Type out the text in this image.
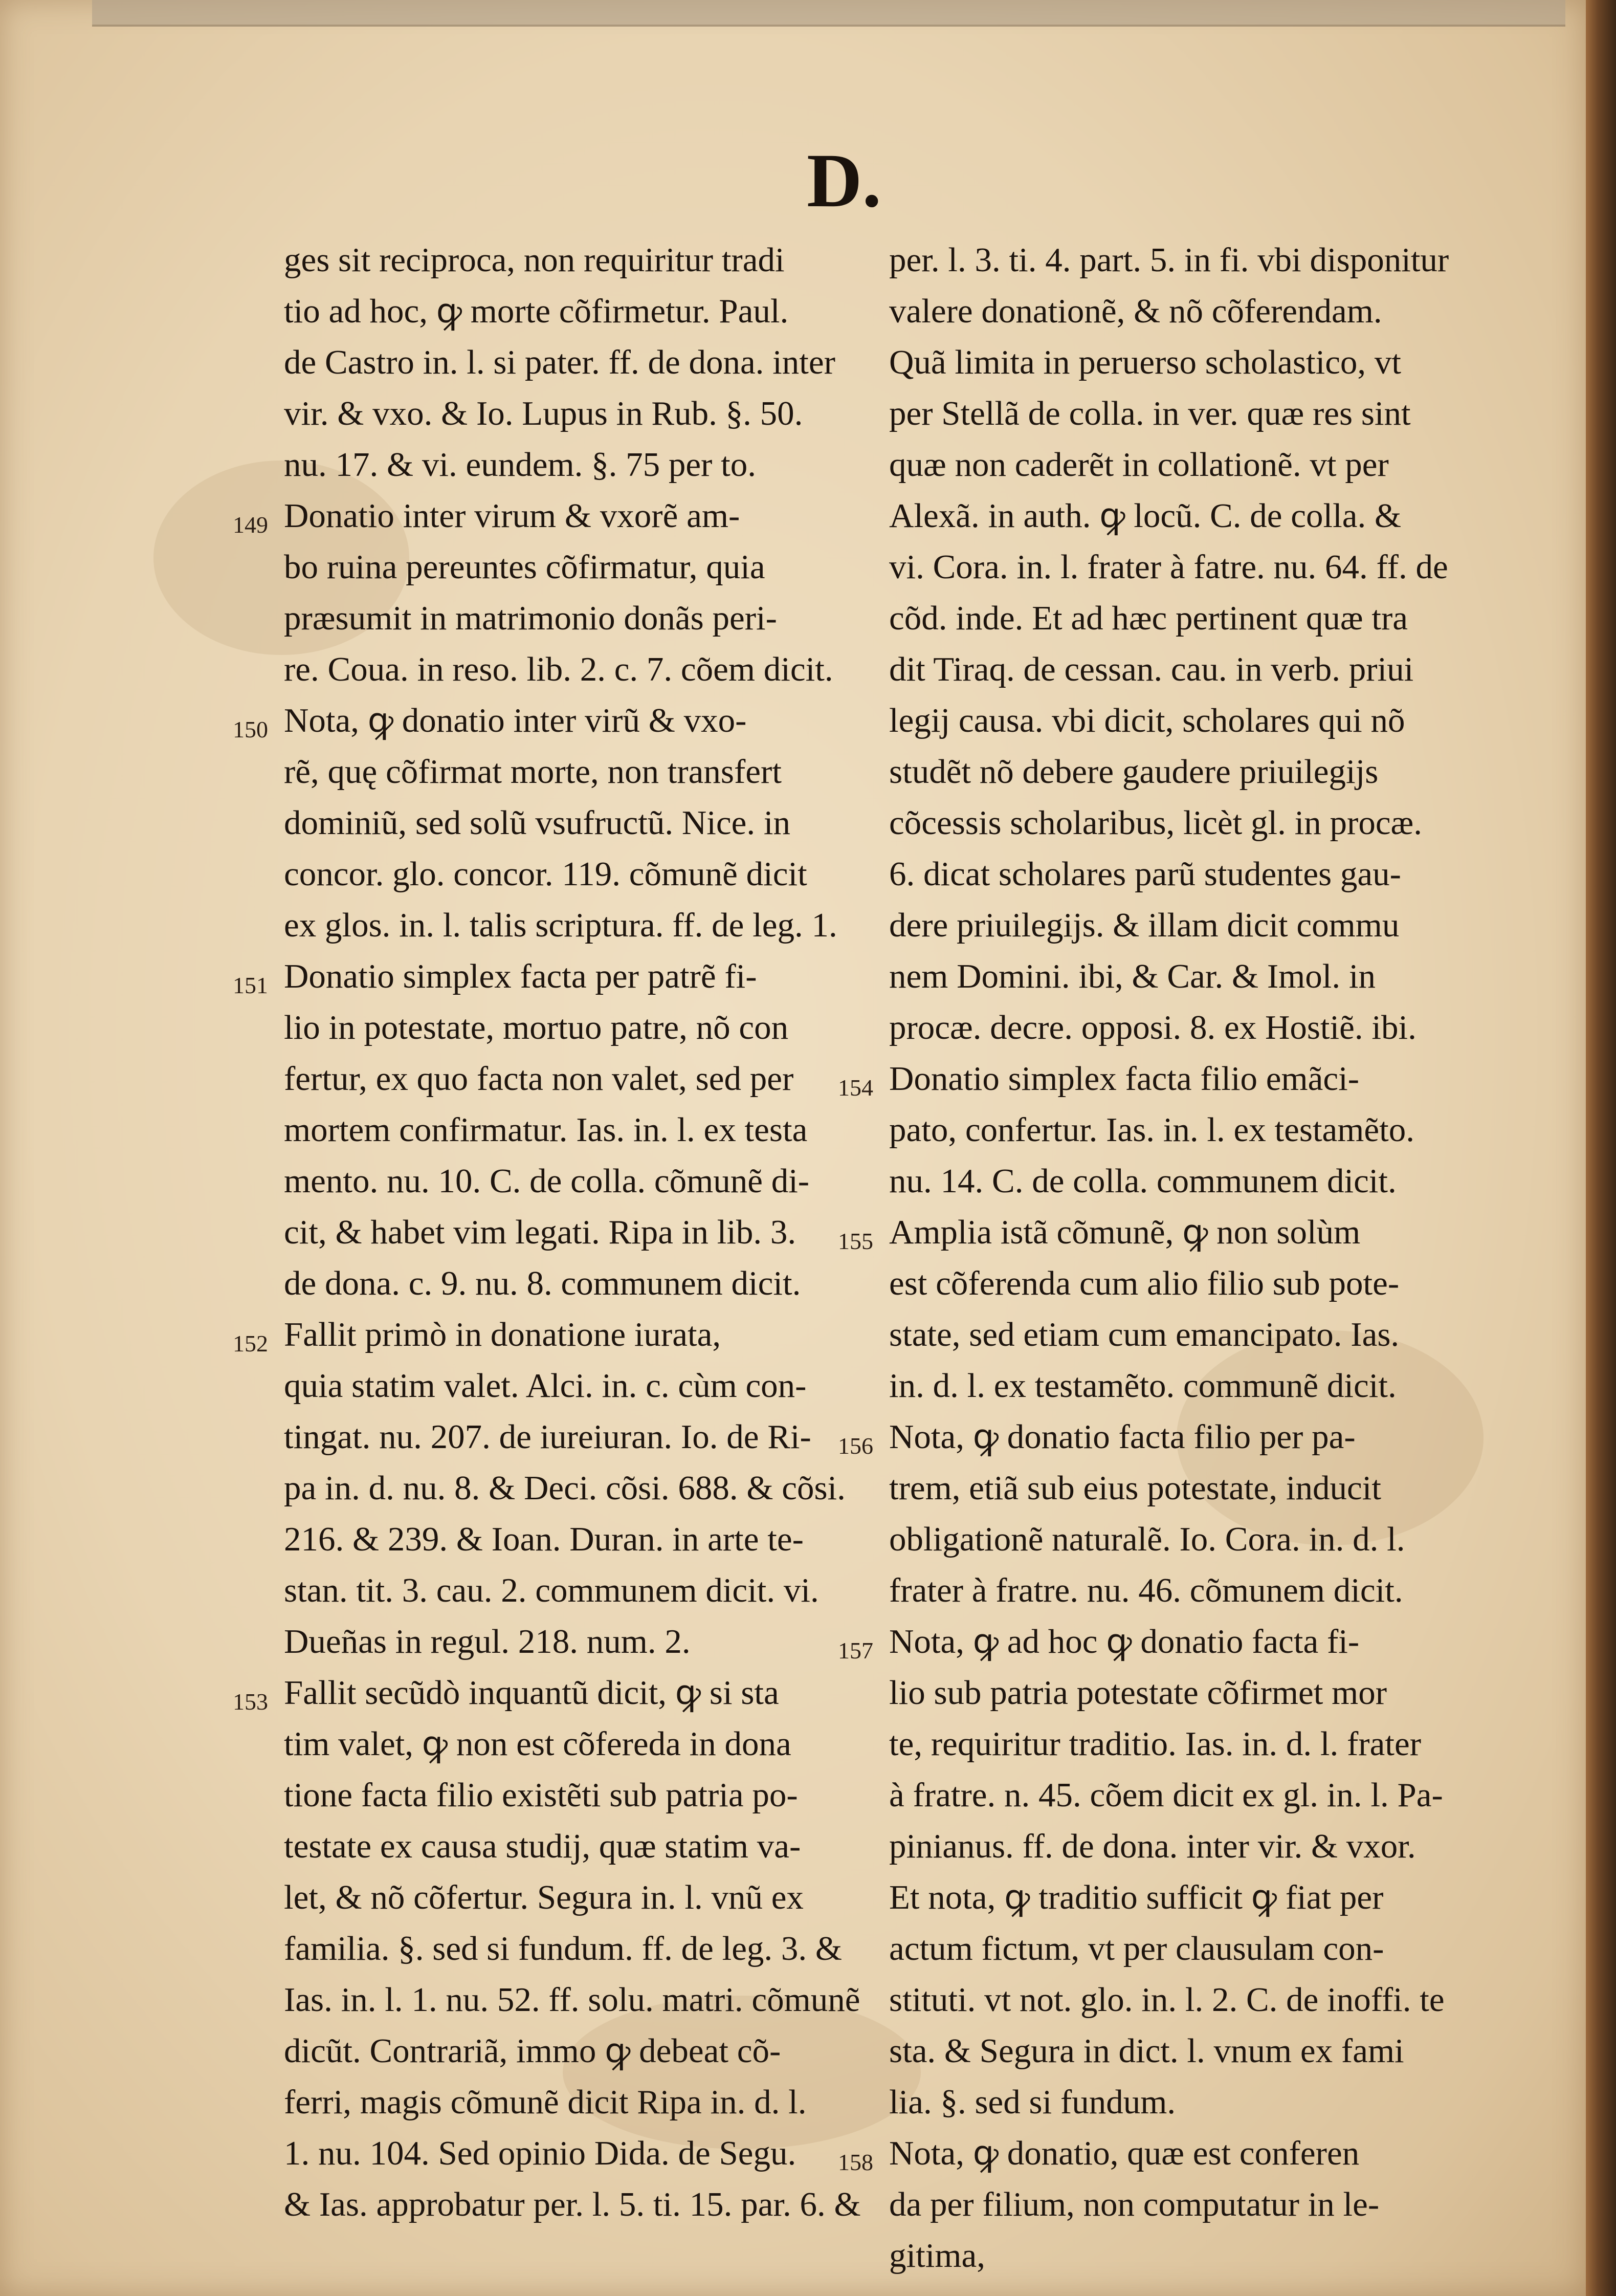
D.
ges sit reciproca, non requiritur tradi
tio ad hoc, ꝙ morte cõfirmetur. Paul.
de Castro in. l. si pater. ff. de dona. inter
vir. & vxo. & Io. Lupus in Rub. §. 50.
nu. 17. & vi. eundem. §. 75 per to.
149 Donatio inter virum & vxorẽ am-
bo ruina pereuntes cõfirmatur, quia
præsumit in matrimonio donãs peri-
re. Coua. in reso. lib. 2. c. 7. cõem dicit.
150 Nota, ꝙ donatio inter virũ & vxo-
rẽ, quę cõfirmat morte, non transfert
dominiũ, sed solũ vsufructũ. Nice. in
concor. glo. concor. 119. cõmunẽ dicit
ex glos. in. l. talis scriptura. ff. de leg. 1.
151 Donatio simplex facta per patrẽ fi-
lio in potestate, mortuo patre, nõ con
fertur, ex quo facta non valet, sed per
mortem confirmatur. Ias. in. l. ex testa
mento. nu. 10. C. de colla. cõmunẽ di-
cit, & habet vim legati. Ripa in lib. 3.
de dona. c. 9. nu. 8. communem dicit.
152 Fallit primò in donatione iurata,
quia statim valet. Alci. in. c. cùm con-
tingat. nu. 207. de iureiuran. Io. de Ri-
pa in. d. nu. 8. & Deci. cõsi. 688. & cõsi.
216. & 239. & Ioan. Duran. in arte te-
stan. tit. 3. cau. 2. communem dicit. vi.
Dueñas in regul. 218. num. 2.
153 Fallit secũdò inquantũ dicit, ꝙ si sta
tim valet, ꝙ non est cõfereda in dona
tione facta filio existẽti sub patria po-
testate ex causa studij, quæ statim va-
let, & nõ cõfertur. Segura in. l. vnũ ex
familia. §. sed si fundum. ff. de leg. 3. &
Ias. in. l. 1. nu. 52. ff. solu. matri. cõmunẽ
dicũt. Contrariã, immo ꝙ debeat cõ-
ferri, magis cõmunẽ dicit Ripa in. d. l.
1. nu. 104. Sed opinio Dida. de Segu.
& Ias. approbatur per. l. 5. ti. 15. par. 6. &
per. l. 3. ti. 4. part. 5. in fi. vbi disponitur
valere donationẽ, & nõ cõferendam.
Quã limita in peruerso scholastico, vt
per Stellã de colla. in ver. quæ res sint
quæ non caderẽt in collationẽ. vt per
Alexã. in auth. ꝙ locũ. C. de colla. &
vi. Cora. in. l. frater à fatre. nu. 64. ff. de
cõd. inde. Et ad hæc pertinent quæ tra
dit Tiraq. de cessan. cau. in verb. priui
legij causa. vbi dicit, scholares qui nõ
studẽt nõ debere gaudere priuilegijs
cõcessis scholaribus, licèt gl. in procæ.
6. dicat scholares parũ studentes gau-
dere priuilegijs. & illam dicit commu
nem Domini. ibi, & Car. & Imol. in
procæ. decre. opposi. 8. ex Hostiẽ. ibi.
154 Donatio simplex facta filio emãci-
pato, confertur. Ias. in. l. ex testamẽto.
nu. 14. C. de colla. communem dicit.
155 Amplia istã cõmunẽ, ꝙ non solùm
est cõferenda cum alio filio sub pote-
state, sed etiam cum emancipato. Ias.
in. d. l. ex testamẽto. communẽ dicit.
156 Nota, ꝙ donatio facta filio per pa-
trem, etiã sub eius potestate, inducit
obligationẽ naturalẽ. Io. Cora. in. d. l.
frater à fratre. nu. 46. cõmunem dicit.
157 Nota, ꝙ ad hoc ꝙ donatio facta fi-
lio sub patria potestate cõfirmet mor
te, requiritur traditio. Ias. in. d. l. frater
à fratre. n. 45. cõem dicit ex gl. in. l. Pa-
pinianus. ff. de dona. inter vir. & vxor.
Et nota, ꝙ traditio sufficit ꝙ fiat per
actum fictum, vt per clausulam con-
stituti. vt not. glo. in. l. 2. C. de inoffi. te
sta. & Segura in dict. l. vnum ex fami
lia. §. sed si fundum.
158 Nota, ꝙ donatio, quæ est conferen
da per filium, non computatur in le-
gitima,
